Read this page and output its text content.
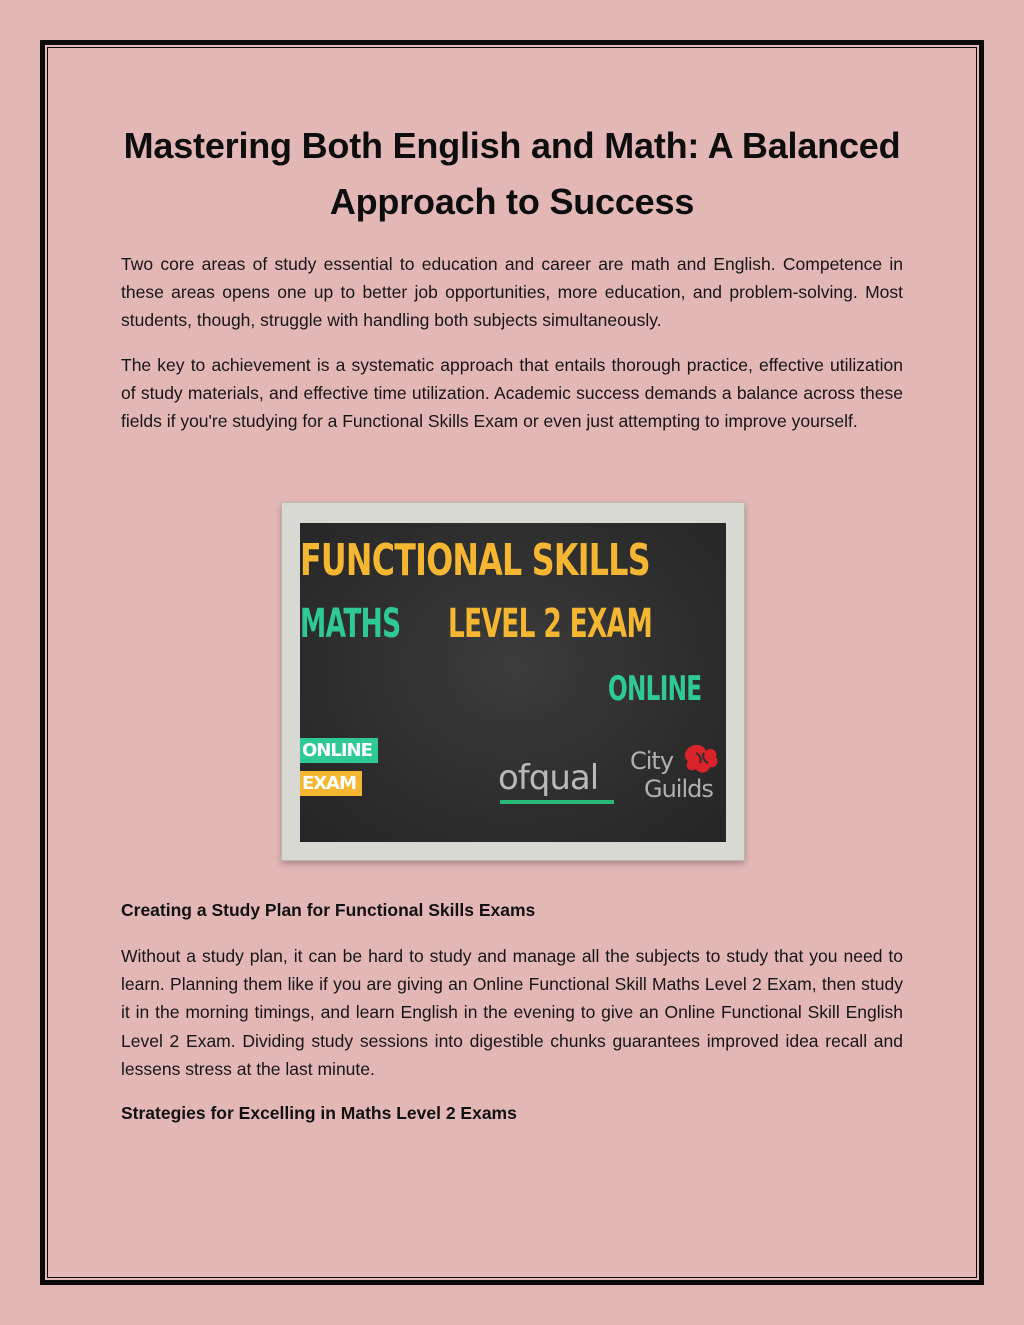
Mastering Both English and Math: A Balanced Approach to Success

Two core areas of study essential to education and career are math and English. Competence in these areas opens one up to better job opportunities, more education, and problem-solving. Most students, though, struggle with handling both subjects simultaneously.

The key to achievement is a systematic approach that entails thorough practice, effective utilization of study materials, and effective time utilization. Academic success demands a balance across these fields if you're studying for a Functional Skills Exam or even just attempting to improve yourself.

FUNCTIONAL SKILLS
MATHS LEVEL 2 EXAM
ONLINE
ONLINE
EXAM	ofqual City
Guilds
Creating a Study Plan for Functional Skills Exams

Without a study plan, it can be hard to study and manage all the subjects to study that you need to learn. Planning them like if you are giving an Online Functional Skill Maths Level 2 Exam, then study it in the morning timings, and learn English in the evening to give an Online Functional Skill English Level 2 Exam. Dividing study sessions into digestible chunks guarantees improved idea recall and lessens stress at the last minute.

Strategies for Excelling in Maths Level 2 Exams
